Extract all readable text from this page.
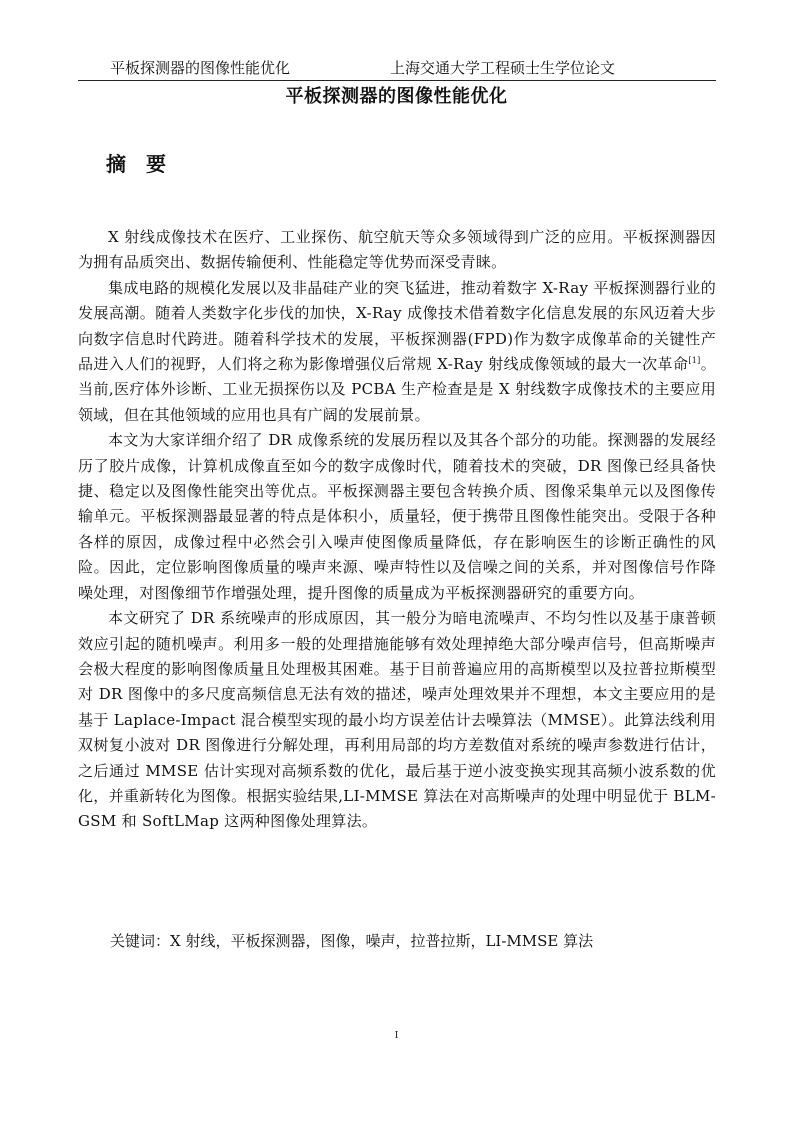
平板探测器的图像性能优化	上海交通大学工程硕士生学位论文
平板探测器的图像性能优化
摘要

X 射线成像技术在医疗、工业探伤、航空航天等众多领域得到广泛的应用。平板探测器因为拥有品质突出、数据传输便利、性能稳定等优势而深受青睐。

集成电路的规模化发展以及非晶硅产业的突飞猛进，推动着数字 X-Ray 平板探测器行业的发展高潮。随着人类数字化步伐的加快，X-Ray 成像技术借着数字化信息发展的东风迈着大步向数字信息时代跨进。随着科学技术的发展，平板探测器(FPD)作为数字成像革命的关键性产品进入人们的视野，人们将之称为影像增强仪后常规 X-Ray 射线成像领域的最大一次革命[1]。当前,医疗体外诊断、工业无损探伤以及 PCBA 生产检查是是 X 射线数字成像技术的主要应用领域，但在其他领域的应用也具有广阔的发展前景。

本文为大家详细介绍了 DR 成像系统的发展历程以及其各个部分的功能。探测器的发展经历了胶片成像，计算机成像直至如今的数字成像时代，随着技术的突破，DR 图像已经具备快捷、稳定以及图像性能突出等优点。平板探测器主要包含转换介质、图像采集单元以及图像传输单元。平板探测器最显著的特点是体积小，质量轻，便于携带且图像性能突出。受限于各种各样的原因，成像过程中必然会引入噪声使图像质量降低，存在影响医生的诊断正确性的风险。因此，定位影响图像质量的噪声来源、噪声特性以及信噪之间的关系，并对图像信号作降噪处理，对图像细节作增强处理，提升图像的质量成为平板探测器研究的重要方向。

本文研究了 DR 系统噪声的形成原因，其一般分为暗电流噪声、不均匀性以及基于康普顿效应引起的随机噪声。利用多一般的处理措施能够有效处理掉绝大部分噪声信号，但高斯噪声会极大程度的影响图像质量且处理极其困难。基于目前普遍应用的高斯模型以及拉普拉斯模型对 DR 图像中的多尺度高频信息无法有效的描述，噪声处理效果并不理想，本文主要应用的是基于 Laplace-Impact 混合模型实现的最小均方误差估计去噪算法（MMSE）。此算法线利用双树复小波对 DR 图像进行分解处理，再利用局部的均方差数值对系统的噪声参数进行估计，之后通过 MMSE 估计实现对高频系数的优化，最后基于逆小波变换实现其高频小波系数的优化，并重新转化为图像。根据实验结果,LI-MMSE 算法在对高斯噪声的处理中明显优于 BLM-GSM 和 SoftLMap 这两种图像处理算法。

关键词：X 射线，平板探测器，图像，噪声，拉普拉斯，LI-MMSE 算法
I
